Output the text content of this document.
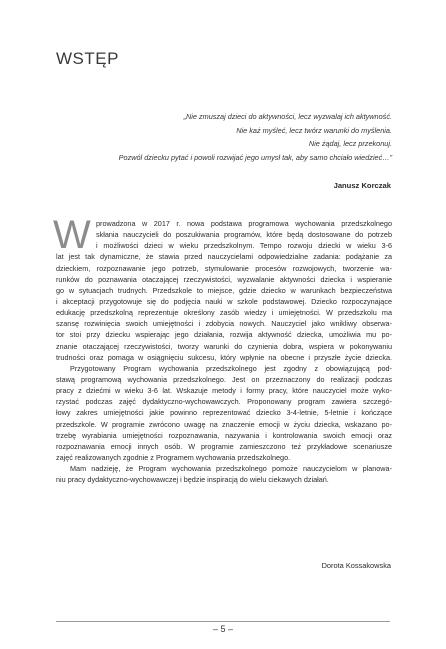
WSTĘP
„Nie zmuszaj dzieci do aktywności, lecz wyzwalaj ich aktywność.
Nie każ myśleć, lecz twórz warunki do myślenia.
Nie żądaj, lecz przekonuj.
Pozwól dziecku pytać i powoli rozwijać jego umysł tak, aby samo chciało wiedzieć…”
Janusz Korczak
W prowadzona w 2017 r. nowa podstawa programowa wychowania przedszkolnego
skłania nauczycieli do poszukiwania programów, które będą dostosowane do potrzeb
i możliwości dzieci w wieku przedszkolnym. Tempo rozwoju dziecki w wieku 3-6
lat jest tak dynamiczne, że stawia przed nauczycielami odpowiedzialne zadania: podążanie za
dzieckiem, rozpoznawanie jego potrzeb, stymulowanie procesów rozwojowych, tworzenie wa-
runków do poznawania otaczającej rzeczywistości, wyzwalanie aktywności dziecka i wspieranie
go w sytuacjach trudnych. Przedszkole to miejsce, gdzie dziecko w warunkach bezpieczeństwa
i akceptacji przygotowuje się do podjęcia nauki w szkole podstawowej. Dziecko rozpoczynające
edukację przedszkolną reprezentuje określony zasób wiedzy i umiejętności. W przedszkolu ma
szansę rozwinięcia swoich umiejętności i zdobycia nowych. Nauczyciel jako wnikliwy obserwa-
tor stoi przy dziecku wspierając jego działania, rozwija aktywność dziecka, umożliwia mu po-
znanie otaczającej rzeczywistości, tworzy warunki do czynienia dobra, wspiera w pokonywaniu
trudności oraz pomaga w osiągnięciu sukcesu, który wpłynie na obecne i przyszłe życie dziecka.
Przygotowany Program wychowania przedszkolnego jest zgodny z obowiązującą pod-
stawą programową wychowania przedszkolnego. Jest on przeznaczony do realizacji podczas
pracy z dziećmi w wieku 3-6 lat. Wskazuje metody i formy pracy, które nauczyciel może wyko-
rzystać podczas zajęć dydaktyczno-wychowawczych. Proponowany program zawiera szczegó-
łowy zakres umiejętności jakie powinno reprezentować dziecko 3-4-letnie, 5-letnie i kończące
przedszkole. W programie zwrócono uwagę na znaczenie emocji w życiu dziecka, wskazano po-
trzebę wyrabiania umiejętności rozpoznawania, nazywania i kontrolowania swoich emocji oraz
rozpoznawania emocji innych osób. W programie zamieszczono też przykładowe scenariusze
zajęć realizowanych zgodnie z Programem wychowania przedszkolnego.
Mam nadzieję, że Program wychowania przedszkolnego pomoże nauczycielom w planowa-
niu pracy dydaktyczno-wychowawczej i będzie inspiracją do wielu ciekawych działań.
Dorota Kossakowska
– 5 –
